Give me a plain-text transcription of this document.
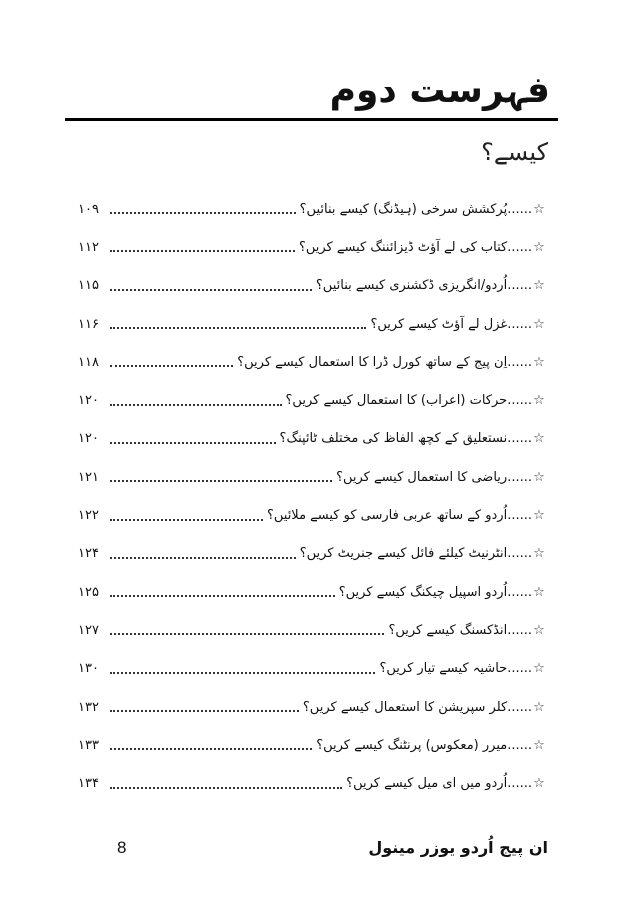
فہرست دوم
کیسے؟
☆
......پُرکشش سرخی (ہیڈنگ) کیسے بنائیں؟
۱۰۹
☆
......کتاب کی لے آؤٹ ڈیزائننگ کیسے کریں؟
۱۱۲
☆
......اُردو/انگریزی ڈکشنری کیسے بنائیں؟
۱۱۵
☆
......غزل لے آؤٹ کیسے کریں؟
۱۱۶
☆
......اِن پیج کے ساتھ کورل ڈرا کا استعمال کیسے کریں؟
۱۱۸
☆
......حرکات (اعراب) کا استعمال کیسے کریں؟
۱۲۰
☆
......نستعلیق کے کچھ الفاظ کی مختلف ٹائپنگ؟
۱۲۰
☆
......ریاضی کا استعمال کیسے کریں؟
۱۲۱
☆
......اُردو کے ساتھ عربی فارسی کو کیسے ملائیں؟
۱۲۲
☆
......انٹرنیٹ کیلئے فائل کیسے جنریٹ کریں؟
۱۲۴
☆
......اُردو اسپیل چیکنگ کیسے کریں؟
۱۲۵
☆
......انڈکسنگ کیسے کریں؟
۱۲۷
☆
......حاشیہ کیسے تیار کریں؟
۱۳۰
☆
......کلر سپریشن کا استعمال کیسے کریں؟
۱۳۲
☆
......میرر (معکوس) پرنٹنگ کیسے کریں؟
۱۳۳
☆
......اُردو میں ای میل کیسے کریں؟
۱۳۴
ان پیج اُردو یوزر مینول
8
